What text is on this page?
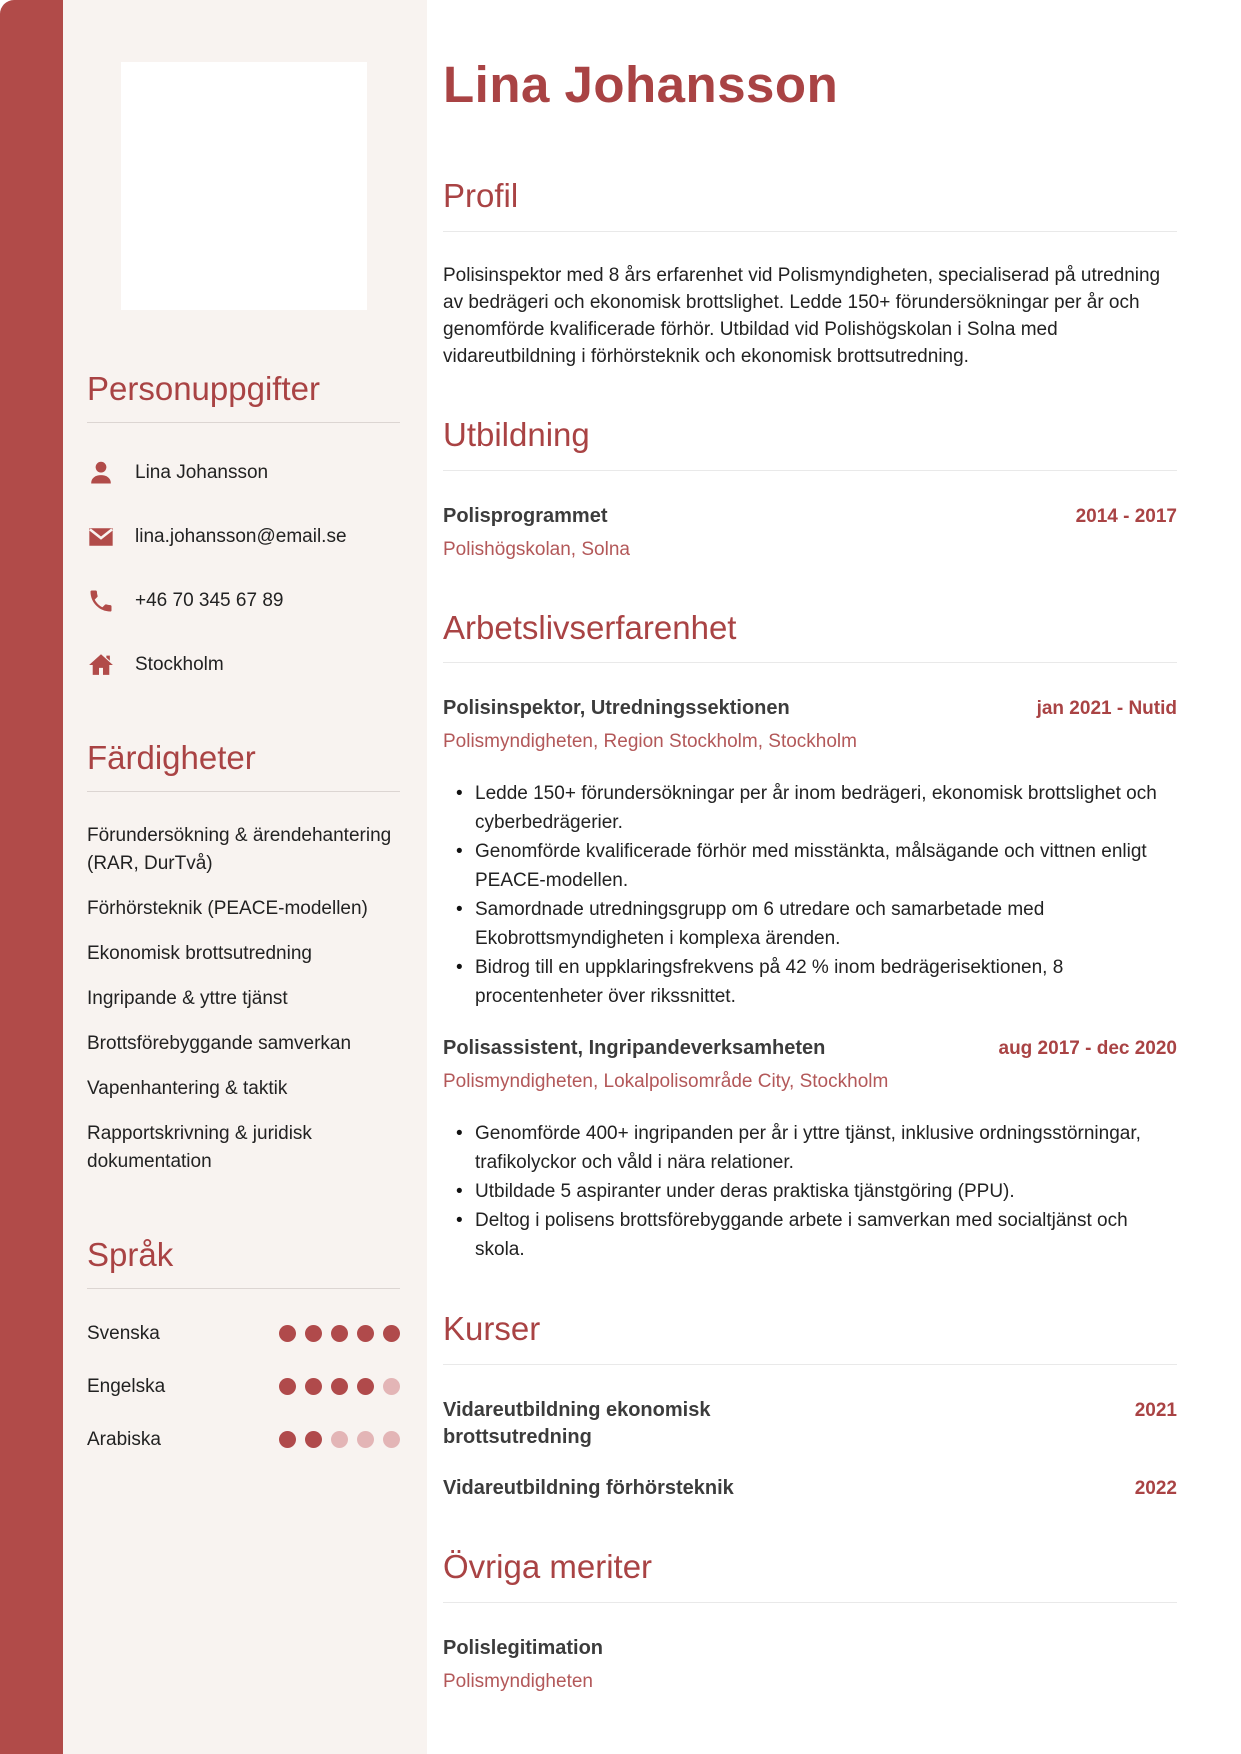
Personuppgifter
Lina Johansson
lina.johansson@email.se
+46 70 345 67 89
Stockholm
Färdigheter
Förundersökning & ärendehantering (RAR, DurTvå)
Förhörsteknik (PEACE-modellen)
Ekonomisk brottsutredning
Ingripande & yttre tjänst
Brottsförebyggande samverkan
Vapenhantering & taktik
Rapportskrivning & juridisk dokumentation
Språk
Svenska
Engelska
Arabiska
Lina Johansson
Profil

Polisinspektor med 8 års erfarenhet vid Polismyndigheten, specialiserad på utredning av bedrägeri och ekonomisk brottslighet. Ledde 150+ förundersökningar per år och genomförde kvalificerade förhör. Utbildad vid Polishögskolan i Solna med vidareutbildning i förhörsteknik och ekonomisk brottsutredning.

Utbildning
Polisprogrammet	2014 - 2017
Polishögskolan, Solna
Arbetslivserfarenhet
Polisinspektor, Utredningssektionen	jan 2021 - Nutid
Polismyndigheten, Region Stockholm, Stockholm
• Ledde 150+ förundersökningar per år inom bedrägeri, ekonomisk brottslighet och cyberbedrägerier.
• Genomförde kvalificerade förhör med misstänkta, målsägande och vittnen enligt PEACE-modellen.
• Samordnade utredningsgrupp om 6 utredare och samarbetade med Ekobrottsmyndigheten i komplexa ärenden.
• Bidrog till en uppklaringsfrekvens på 42 % inom bedrägerisektionen, 8 procentenheter över rikssnittet.
Polisassistent, Ingripandeverksamheten	aug 2017 - dec 2020
Polismyndigheten, Lokalpolisområde City, Stockholm
• Genomförde 400+ ingripanden per år i yttre tjänst, inklusive ordningsstörningar, trafikolyckor och våld i nära relationer.
• Utbildade 5 aspiranter under deras praktiska tjänstgöring (PPU).
• Deltog i polisens brottsförebyggande arbete i samverkan med socialtjänst och skola.
Kurser
Vidareutbildning ekonomisk brottsutredning
2021
Vidareutbildning förhörsteknik	2022
Övriga meriter
Polislegitimation
Polismyndigheten
